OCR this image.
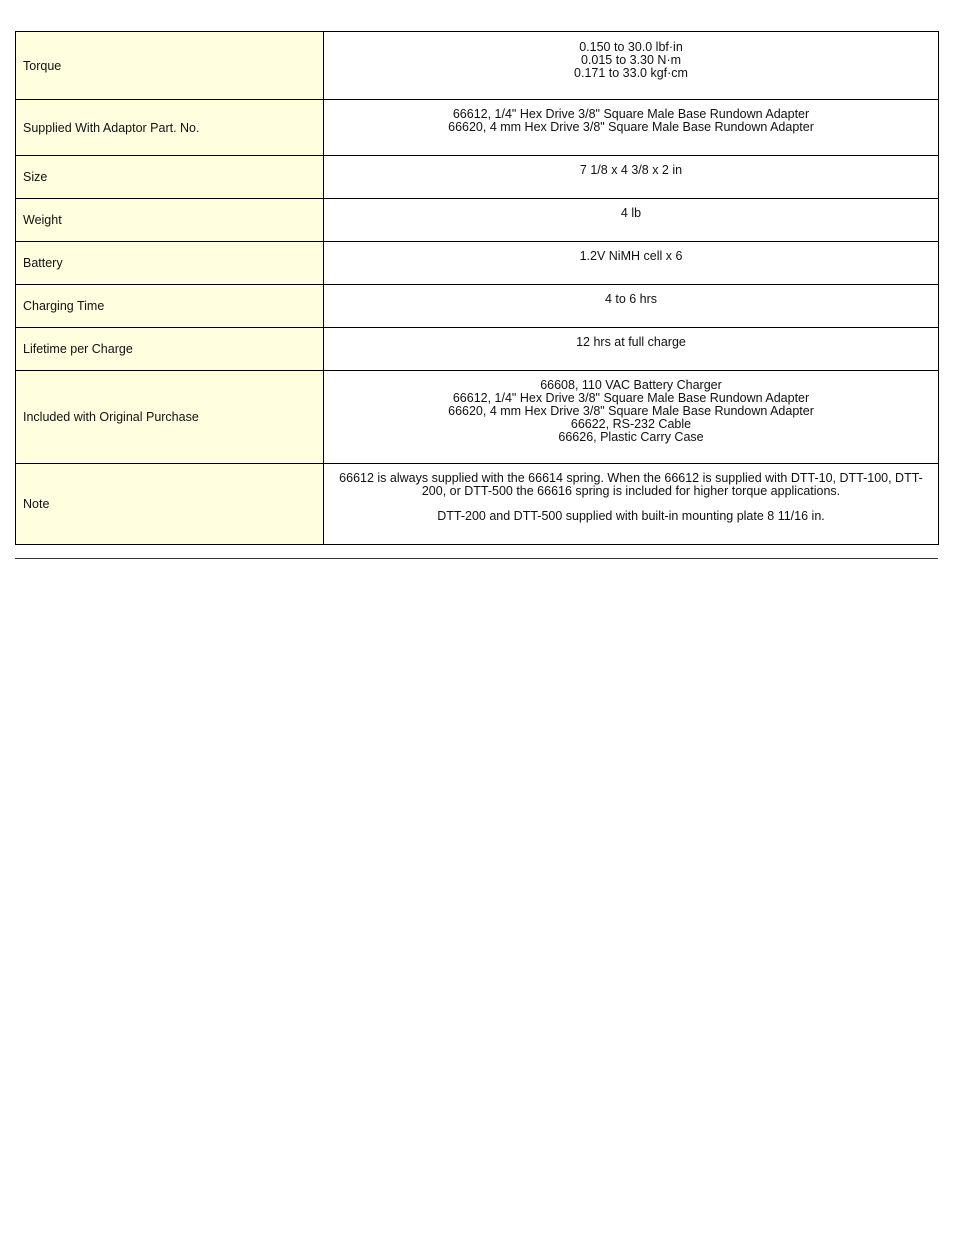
Torque	0.150 to 30.0 lbf·in
0.015 to 3.30 N·m
0.171 to 33.0 kgf·cm

Supplied With Adaptor Part. No.	66612, 1/4" Hex Drive 3/8" Square Male Base Rundown Adapter
66620, 4 mm Hex Drive 3/8" Square Male Base Rundown Adapter

Size	7 1/8 x 4 3/8 x 2 in

Weight	4 lb

Battery	1.2V NiMH cell x 6

Charging Time	4 to 6 hrs

Lifetime per Charge	12 hrs at full charge

Included with Original Purchase	66608, 110 VAC Battery Charger
66612, 1/4" Hex Drive 3/8" Square Male Base Rundown Adapter
66620, 4 mm Hex Drive 3/8" Square Male Base Rundown Adapter
66622, RS-232 Cable
66626, Plastic Carry Case

Note	66612 is always supplied with the 66614 spring. When the 66612 is supplied with DTT-10, DTT-100, DTT-200, or DTT-500 the 66616 spring is included for higher torque applications.

DTT-200 and DTT-500 supplied with built-in mounting plate 8 11/16 in.
